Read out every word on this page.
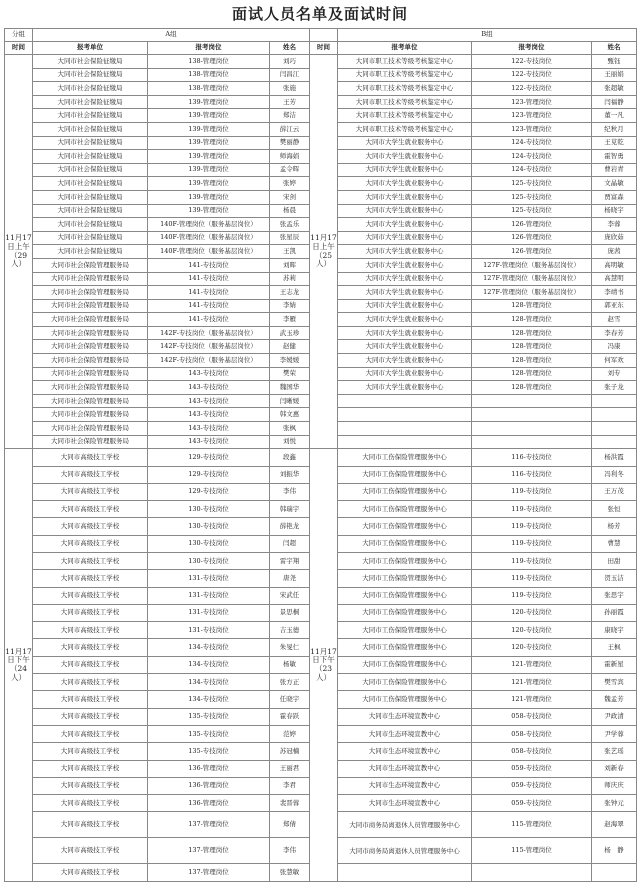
面试人员名单及面试时间
分组	A组				B组		
时间	报考单位	报考岗位	姓名	时间	报考单位	报考岗位	姓名
11月17日上午（29人）	大同市社会保险征缴局	138-管理岗位	刘巧	11月17日上午（25人）	大同市职工技术等级考核鉴定中心	122-专技岗位	甄钰
	大同市社会保险征缴局	138-管理岗位	闫昌江		大同市职工技术等级考核鉴定中心	122-专技岗位	王丽娟
	大同市社会保险征缴局	138-管理岗位	张施		大同市职工技术等级考核鉴定中心	122-专技岗位	张超敏
	大同市社会保险征缴局	139-管理岗位	王芳		大同市职工技术等级考核鉴定中心	123-管理岗位	闫福静
	大同市社会保险征缴局	139-管理岗位	郑洁		大同市职工技术等级考核鉴定中心	123-管理岗位	董一凡
	大同市社会保险征缴局	139-管理岗位	薛江云		大同市职工技术等级考核鉴定中心	123-管理岗位	纪秋月
	大同市社会保险征缴局	139-管理岗位	樊丽静		大同市大学生就业服务中心	124-专技岗位	王苋乾
	大同市社会保险征缴局	139-管理岗位	师海娟		大同市大学生就业服务中心	124-专技岗位	霍智勇
	大同市社会保险征缴局	139-管理岗位	孟令晖		大同市大学生就业服务中心	124-专技岗位	曹岩青
	大同市社会保险征缴局	139-管理岗位	张婷		大同市大学生就业服务中心	125-专技岗位	文晶敏
	大同市社会保险征缴局	139-管理岗位	宋剑		大同市大学生就业服务中心	125-专技岗位	贾富森
	大同市社会保险征缴局	139-管理岗位	杨晨		大同市大学生就业服务中心	125-专技岗位	杨晓宇
	大同市社会保险征缴局	140F-管理岗位（服务基层岗位）	张孟乐		大同市大学生就业服务中心	126-管理岗位	李蓉
	大同市社会保险征缴局	140F-管理岗位（服务基层岗位）	张星辰		大同市大学生就业服务中心	126-管理岗位	庞欣茹
	大同市社会保险征缴局	140F-管理岗位（服务基层岗位）	王凯		大同市大学生就业服务中心	126-管理岗位	庞茜
	大同市社会保险管理服务局	141-专技岗位	刘晖		大同市大学生就业服务中心	127F-管理岗位（服务基层岗位）	高明敏
	大同市社会保险管理服务局	141-专技岗位	苏莉		大同市大学生就业服务中心	127F-管理岗位（服务基层岗位）	高慧明
	大同市社会保险管理服务局	141-专技岗位	王志龙		大同市大学生就业服务中心	127F-管理岗位（服务基层岗位）	李靖书
	大同市社会保险管理服务局	141-专技岗位	李婧		大同市大学生就业服务中心	128-管理岗位	郭亚东
	大同市社会保险管理服务局	141-专技岗位	李雁		大同市大学生就业服务中心	128-管理岗位	赵雪
	大同市社会保险管理服务局	142F-专技岗位（服务基层岗位）	武玉珍		大同市大学生就业服务中心	128-管理岗位	李春芳
	大同市社会保险管理服务局	142F-专技岗位（服务基层岗位）	赵健		大同市大学生就业服务中心	128-管理岗位	冯康
	大同市社会保险管理服务局	142F-专技岗位（服务基层岗位）	李媛媛		大同市大学生就业服务中心	128-管理岗位	何军欢
	大同市社会保险管理服务局	143-专技岗位	樊荣		大同市大学生就业服务中心	128-管理岗位	刘专
	大同市社会保险管理服务局	143-专技岗位	魏国华		大同市大学生就业服务中心	128-管理岗位	张子龙
	大同市社会保险管理服务局	143-专技岗位	闫晰媛				
	大同市社会保险管理服务局	143-专技岗位	韩文惠				
	大同市社会保险管理服务局	143-专技岗位	张枫				
	大同市社会保险管理服务局	143-专技岗位	刘悦				
11月17日下午（24人）	大同市高级技工学校	129-专技岗位	段鑫	11月17日下午（23人）	大同市工伤保险管理服务中心	116-专技岗位	杨洪霞
	大同市高级技工学校	129-专技岗位	刘振华		大同市工伤保险管理服务中心	116-专技岗位	冯利冬
	大同市高级技工学校	129-专技岗位	李伟		大同市工伤保险管理服务中心	119-专技岗位	王万茂
	大同市高级技工学校	130-专技岗位	韩瑞宇		大同市工伤保险管理服务中心	119-专技岗位	张恒
	大同市高级技工学校	130-专技岗位	薛艳龙		大同市工伤保险管理服务中心	119-专技岗位	杨芳
	大同市高级技工学校	130-专技岗位	闫超		大同市工伤保险管理服务中心	119-专技岗位	曹慧
	大同市高级技工学校	130-专技岗位	雷宇翔		大同市工伤保险管理服务中心	119-专技岗位	田甜
	大同市高级技工学校	131-专技岗位	唐尧		大同市工伤保险管理服务中心	119-专技岗位	贺玉洁
	大同市高级技工学校	131-专技岗位	宋武任		大同市工伤保险管理服务中心	119-专技岗位	张思宇
	大同市高级技工学校	131-专技岗位	景思桐		大同市工伤保险管理服务中心	120-专技岗位	孙丽霞
	大同市高级技工学校	131-专技岗位	吉玉德		大同市工伤保险管理服务中心	120-专技岗位	康晓宇
	大同市高级技工学校	134-专技岗位	朱旻仁		大同市工伤保险管理服务中心	120-专技岗位	王枫
	大同市高级技工学校	134-专技岗位	杨敏		大同市工伤保险管理服务中心	121-管理岗位	霍新星
	大同市高级技工学校	134-专技岗位	张方正		大同市工伤保险管理服务中心	121-管理岗位	樊雪宾
	大同市高级技工学校	134-专技岗位	任晓宇		大同市工伤保险管理服务中心	121-管理岗位	魏孟芳
	大同市高级技工学校	135-专技岗位	霍春跃		大同市生态环境宣教中心	058-专技岗位	尹政清
	大同市高级技工学校	135-专技岗位	范婷		大同市生态环境宣教中心	058-专技岗位	尹学蓉
	大同市高级技工学校	135-专技岗位	苏冠楠		大同市生态环境宣教中心	058-专技岗位	张艺瑶
	大同市高级技工学校	136-管理岗位	王丽君		大同市生态环境宣教中心	059-专技岗位	刘新春
	大同市高级技工学校	136-管理岗位	李君		大同市生态环境宣教中心	059-专技岗位	师庆庆
	大同市高级技工学校	136-管理岗位	裴晋蓉		大同市生态环境宣教中心	059-专技岗位	张钟元
	大同市高级技工学校	137-管理岗位	郑倩		大同市商务局离退休人员管理服务中心	115-管理岗位	赵海翠
	大同市高级技工学校	137-管理岗位	李伟		大同市商务局离退休人员管理服务中心	115-管理岗位	杨　静
	大同市高级技工学校	137-管理岗位	张慧敏				
